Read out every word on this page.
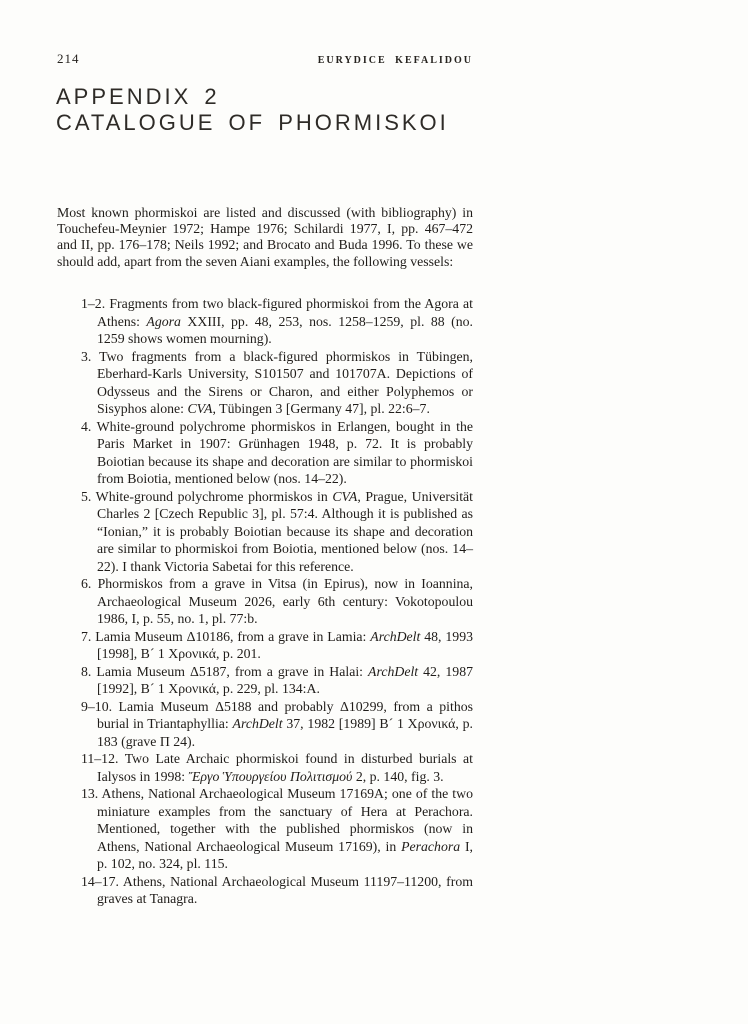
214	EURYDICE KEFALIDOU
APPENDIX 2
CATALOGUE OF PHORMISKOI

Most known phormiskoi are listed and discussed (with bibliography) in Touchefeu-Meynier 1972; Hampe 1976; Schilardi 1977, I, pp. 467–472 and II, pp. 176–178; Neils 1992; and Brocato and Buda 1996. To these we should add, apart from the seven Aiani examples, the following vessels:

1–2. Fragments from two black-figured phormiskoi from the Agora at Athens: Agora XXIII, pp. 48, 253, nos. 1258–1259, pl. 88 (no. 1259 shows women mourning).
3. Two fragments from a black-figured phormiskos in Tübingen, Eberhard-Karls University, S101507 and 101707A. Depictions of Odysseus and the Sirens or Charon, and either Polyphemos or Sisyphos alone: CVA, Tübingen 3 [Germany 47], pl. 22:6–7.
4. White-ground polychrome phormiskos in Erlangen, bought in the Paris Market in 1907: Grünhagen 1948, p. 72. It is probably Boiotian because its shape and decoration are similar to phormiskoi from Boiotia, mentioned below (nos. 14–22).
5. White-ground polychrome phormiskos in CVA, Prague, Universität Charles 2 [Czech Republic 3], pl. 57:4. Although it is published as “Ionian,” it is probably Boiotian because its shape and decoration are similar to phormiskoi from Boiotia, mentioned below (nos. 14–22). I thank Victoria Sabetai for this reference.
6. Phormiskos from a grave in Vitsa (in Epirus), now in Ioannina, Archaeological Museum 2026, early 6th century: Vokotopoulou 1986, I, p. 55, no. 1, pl. 77:b.
7. Lamia Museum Δ10186, from a grave in Lamia: ArchDelt 48, 1993 [1998], Β´ 1 Χρονικά, p. 201.
8. Lamia Museum Δ5187, from a grave in Halai: ArchDelt 42, 1987 [1992], Β´ 1 Χρονικά, p. 229, pl. 134:A.
9–10. Lamia Museum Δ5188 and probably Δ10299, from a pithos burial in Triantaphyllia: ArchDelt 37, 1982 [1989] Β´ 1 Χρονικά, p. 183 (grave Π 24).
11–12. Two Late Archaic phormiskoi found in disturbed burials at Ialysos in 1998: Ἔργο Ὑπουργείου Πολιτισμού 2, p. 140, fig. 3.
13. Athens, National Archaeological Museum 17169A; one of the two miniature examples from the sanctuary of Hera at Perachora. Mentioned, together with the published phormiskos (now in Athens, National Archaeological Museum 17169), in Perachora I, p. 102, no. 324, pl. 115.
14–17. Athens, National Archaeological Museum 11197–11200, from graves at Tanagra.
